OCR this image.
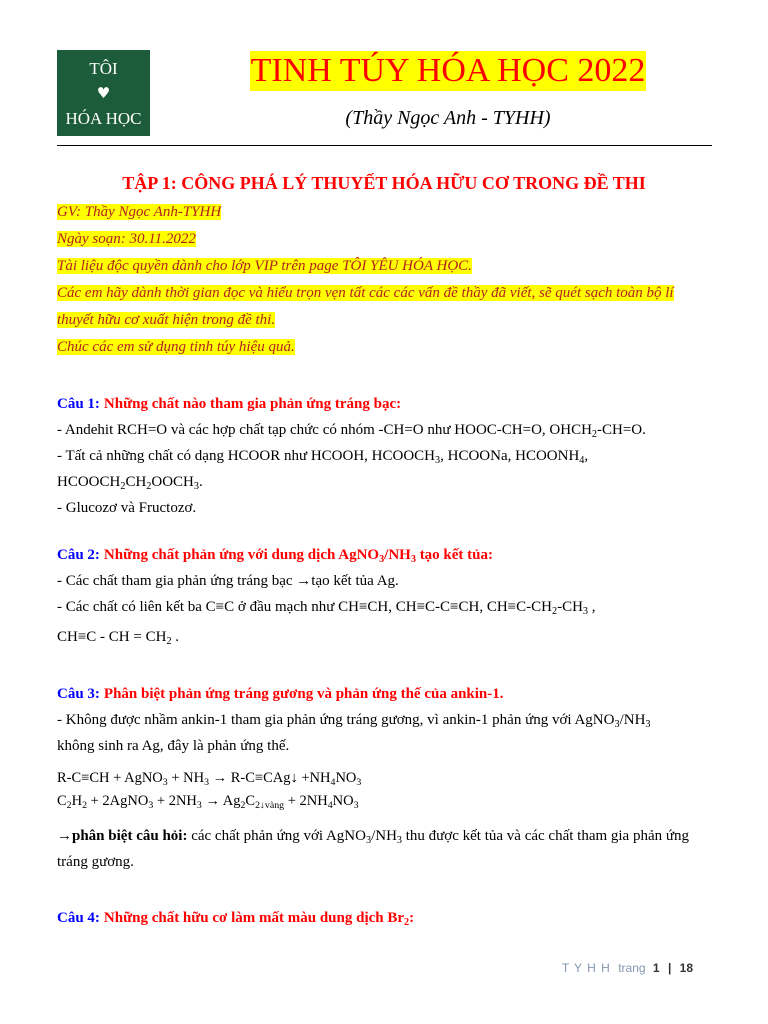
TÔI
♥
HÓA HỌC
TINH TÚY HÓA HỌC 2022
(Thầy Ngọc Anh - TYHH)
TẬP 1: CÔNG PHÁ LÝ THUYẾT HÓA HỮU CƠ TRONG ĐỀ THI
GV: Thầy Ngọc Anh-TYHH
Ngày soạn: 30.11.2022
Tài liệu độc quyền dành cho lớp VIP trên page TÔI YÊU HÓA HỌC.
Các em hãy dành thời gian đọc và hiểu trọn vẹn tất các các vấn đề thầy đã viết, sẽ quét sạch toàn bộ lí
thuyết hữu cơ xuất hiện trong đề thi.
Chúc các em sử dụng tinh túy hiệu quả.
Câu 1: Những chất nào tham gia phản ứng tráng bạc:
- Andehit RCH=O và các hợp chất tạp chức có nhóm -CH=O như HOOC-CH=O, $OHCH_2-CH=O$.
- Tất cả những chất có dạng HCOOR như HCOOH, $HCOOCH_3$, HCOONa, $HCOONH_4$,
$HCOOCH_2CH_2OOCH_3$.
- Glucozơ và Fructozơ.
Câu 2: Những chất phản ứng với dung dịch $AgNO_3/NH_3$ tạo kết tủa:
- Các chất tham gia phản ứng tráng bạc →tạo kết tủa Ag.
- Các chất có liên kết ba C≡C ở đầu mạch như CH≡CH, CH≡C-C≡CH, $CH\equiv C-CH_2-CH_3$ ,
CH≡C - CH = $CH_2$ .
Câu 3: Phân biệt phản ứng tráng gương và phản ứng thế của ankin-1.
- Không được nhầm ankin-1 tham gia phản ứng tráng gương, vì ankin-1 phản ứng với $AgNO_3/NH_3$
không sinh ra Ag, đây là phản ứng thế.
R-C≡CH + AgNO$_3$ + $NH_3$ → R-C≡CAg↓ $+NH_4NO_3$
$C_2H_2$ + 2AgNO$_3$ + $2NH_3 \to Ag_2C_{2↓vàng} + 2NH_4NO_3$
→phân biệt câu hỏi: các chất phản ứng với $AgNO_3/NH_3$ thu được kết tủa và các chất tham gia phản ứng
tráng gương.
Câu 4: Những chất hữu cơ làm mất màu dung dịch $Br_2$:
T Y H H trang 1 | 18
